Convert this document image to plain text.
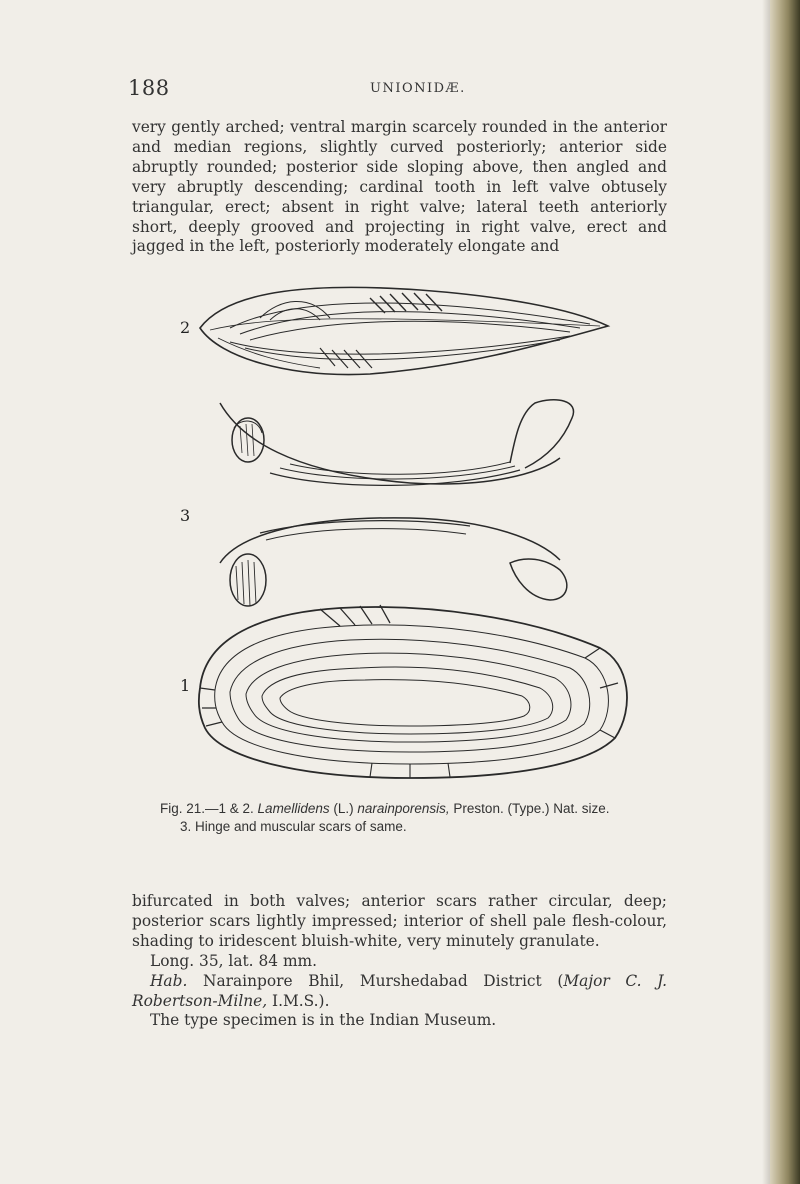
188	UNIONIDÆ.

very gently arched; ventral margin scarcely rounded in the anterior and median regions, slightly curved posteriorly; anterior side abruptly rounded; posterior side sloping above, then angled and very abruptly descending; cardinal tooth in left valve obtusely triangular, erect; absent in right valve; lateral teeth anteriorly short, deeply grooved and projecting in right valve, erect and jagged in the left, posteriorly moderately elongate and

2
3
1
Fig. 21.—1 & 2. Lamellidens (L.) narainporensis, Preston. (Type.) Nat. size.
3. Hinge and muscular scars of same.

bifurcated in both valves; anterior scars rather circular, deep; posterior scars lightly impressed; interior of shell pale flesh-colour, shading to iridescent bluish-white, very minutely granulate.

Long. 35, lat. 84 mm.

Hab. Narainpore Bhil, Murshedabad District (Major C. J. Robertson-Milne, I.M.S.).

The type specimen is in the Indian Museum.
